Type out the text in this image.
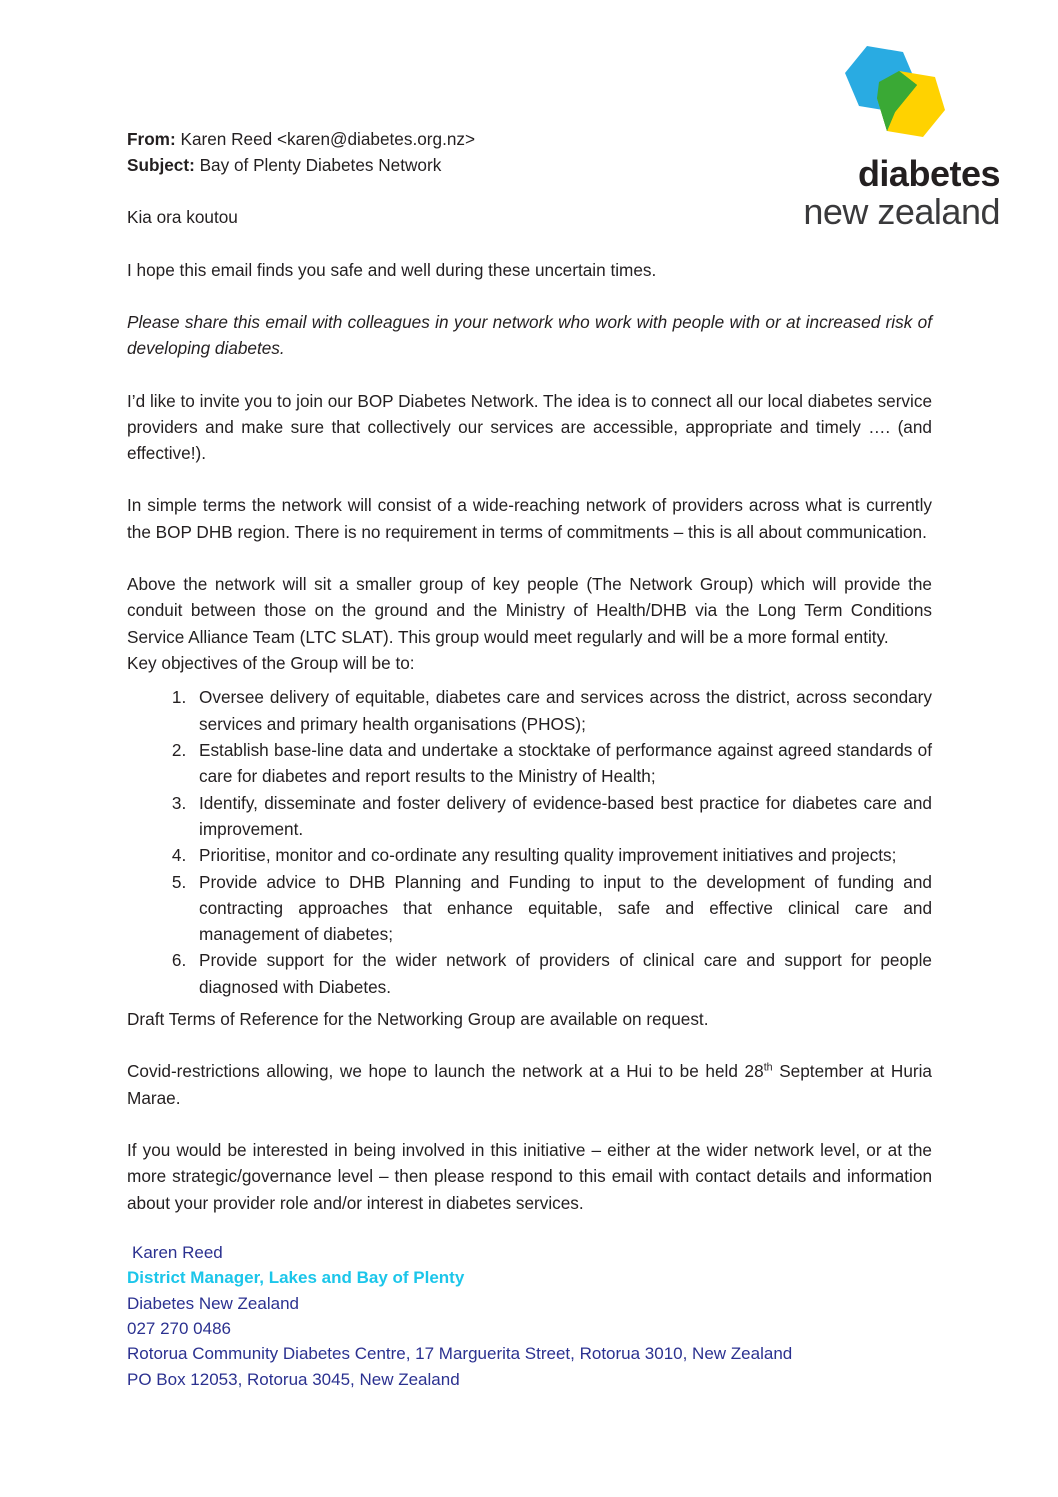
diabetes
new zealand

From: Karen Reed <karen@diabetes.org.nz>

Subject: Bay of Plenty Diabetes Network

Kia ora koutou

I hope this email finds you safe and well during these uncertain times.

Please share this email with colleagues in your network who work with people with or at increased risk of developing diabetes.

I’d like to invite you to join our BOP Diabetes Network. The idea is to connect all our local diabetes service providers and make sure that collectively our services are accessible, appropriate and timely …. (and effective!).

In simple terms the network will consist of a wide-reaching network of providers across what is currently the BOP DHB region. There is no requirement in terms of commitments – this is all about communication.

Above the network will sit a smaller group of key people (The Network Group) which will provide the conduit between those on the ground and the Ministry of Health/DHB via the Long Term Conditions Service Alliance Team (LTC SLAT). This group would meet regularly and will be a more formal entity.

Key objectives of the Group will be to:

1. Oversee delivery of equitable, diabetes care and services across the district, across secondary services and primary health organisations (PHOS);
2. Establish base-line data and undertake a stocktake of performance against agreed standards of care for diabetes and report results to the Ministry of Health;
3. Identify, disseminate and foster delivery of evidence-based best practice for diabetes care and improvement.
4. Prioritise, monitor and co-ordinate any resulting quality improvement initiatives and projects;
5. Provide advice to DHB Planning and Funding to input to the development of funding and contracting approaches that enhance equitable, safe and effective clinical care and management of diabetes;
6. Provide support for the wider network of providers of clinical care and support for people diagnosed with Diabetes.

Draft Terms of Reference for the Networking Group are available on request.

Covid-restrictions allowing, we hope to launch the network at a Hui to be held 28th September at Huria Marae.

If you would be interested in being involved in this initiative – either at the wider network level, or at the more strategic/governance level – then please respond to this email with contact details and information about your provider role and/or interest in diabetes services.

Karen Reed

District Manager, Lakes and Bay of Plenty

Diabetes New Zealand

027 270 0486

Rotorua Community Diabetes Centre, 17 Marguerita Street, Rotorua 3010, New Zealand

PO Box 12053, Rotorua 3045, New Zealand
